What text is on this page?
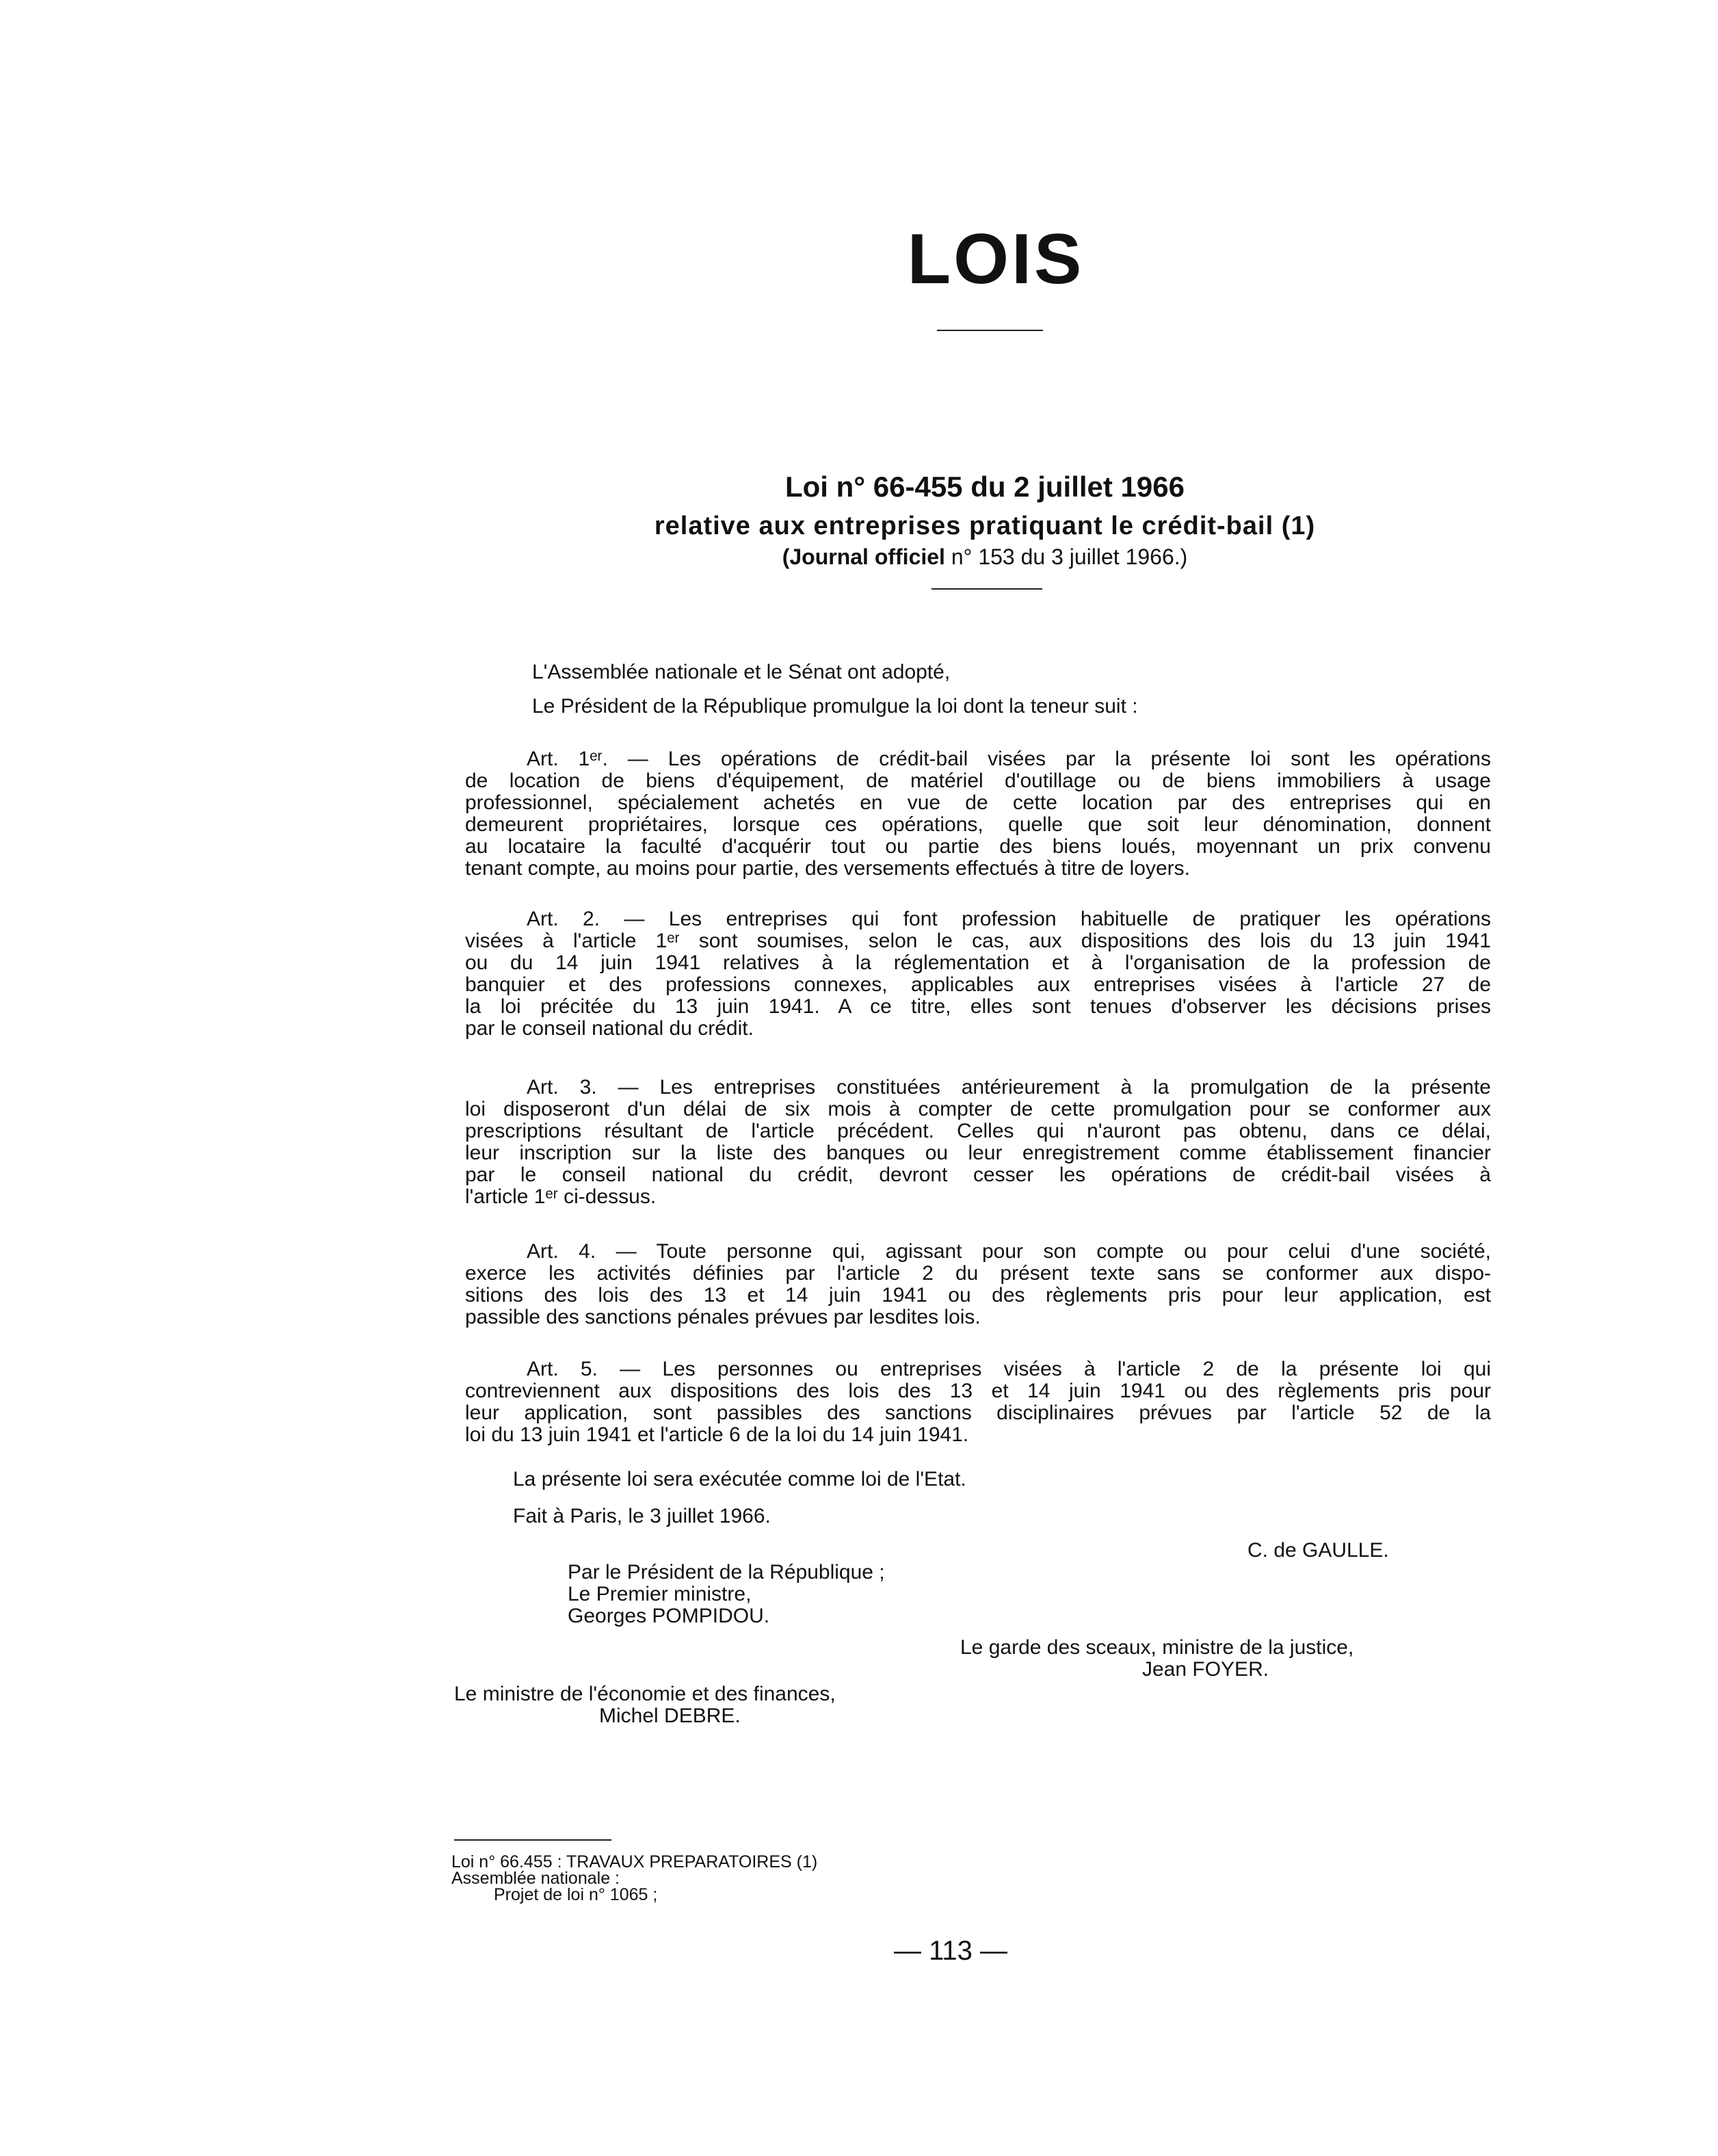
LOIS
Loi n° 66-455 du 2 juillet 1966
relative aux entreprises pratiquant le crédit-bail (1)
(Journal officiel n° 153 du 3 juillet 1966.)
L'Assemblée nationale et le Sénat ont adopté,
Le Président de la République promulgue la loi dont la teneur suit :
Art. 1ᵉʳ. — Les opérations de crédit-bail visées par la présente loi sont les opérations
de location de biens d'équipement, de matériel d'outillage ou de biens immobiliers à usage
professionnel, spécialement achetés en vue de cette location par des entreprises qui en
demeurent propriétaires, lorsque ces opérations, quelle que soit leur dénomination, donnent
au locataire la faculté d'acquérir tout ou partie des biens loués, moyennant un prix convenu
tenant compte, au moins pour partie, des versements effectués à titre de loyers.
Art. 2. — Les entreprises qui font profession habituelle de pratiquer les opérations
visées à l'article 1ᵉʳ sont soumises, selon le cas, aux dispositions des lois du 13 juin 1941
ou du 14 juin 1941 relatives à la réglementation et à l'organisation de la profession de
banquier et des professions connexes, applicables aux entreprises visées à l'article 27 de
la loi précitée du 13 juin 1941. A ce titre, elles sont tenues d'observer les décisions prises
par le conseil national du crédit.
Art. 3. — Les entreprises constituées antérieurement à la promulgation de la présente
loi disposeront d'un délai de six mois à compter de cette promulgation pour se conformer aux
prescriptions résultant de l'article précédent. Celles qui n'auront pas obtenu, dans ce délai,
leur inscription sur la liste des banques ou leur enregistrement comme établissement financier
par le conseil national du crédit, devront cesser les opérations de crédit-bail visées à
l'article 1ᵉʳ ci-dessus.
Art. 4. — Toute personne qui, agissant pour son compte ou pour celui d'une société,
exerce les activités définies par l'article 2 du présent texte sans se conformer aux dispo-
sitions des lois des 13 et 14 juin 1941 ou des règlements pris pour leur application, est
passible des sanctions pénales prévues par lesdites lois.
Art. 5. — Les personnes ou entreprises visées à l'article 2 de la présente loi qui
contreviennent aux dispositions des lois des 13 et 14 juin 1941 ou des règlements pris pour
leur application, sont passibles des sanctions disciplinaires prévues par l'article 52 de la
loi du 13 juin 1941 et l'article 6 de la loi du 14 juin 1941.
La présente loi sera exécutée comme loi de l'Etat.
Fait à Paris, le 3 juillet 1966.
C. de GAULLE.
Par le Président de la République ;
Le Premier ministre,
Georges POMPIDOU.
Le garde des sceaux, ministre de la justice,
Jean FOYER.
Le ministre de l'économie et des finances,
Michel DEBRE.
Loi n° 66.455 : TRAVAUX PREPARATOIRES (1)
Assemblée nationale :
Projet de loi n° 1065 ;
— 113 —
